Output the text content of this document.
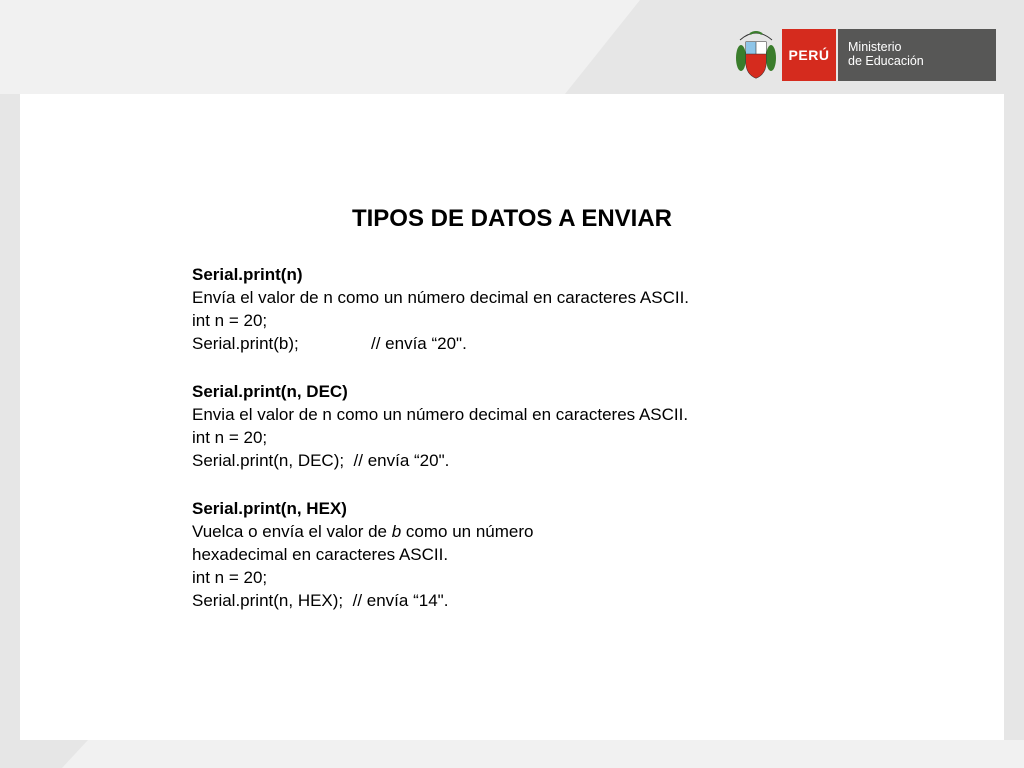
PERÚ	Ministerio
de Educación
TIPOS DE DATOS A ENVIAR
Serial.print(n)
Envía el valor de n como un número decimal en caracteres ASCII.
int n = 20;
Serial.print(b);	// envía “20".
Serial.print(n, DEC)
Envia el valor de n como un número decimal en caracteres ASCII.
int n = 20;
Serial.print(n, DEC);  // envía “20".
Serial.print(n, HEX)
Vuelca o envía el valor de b como un número
hexadecimal en caracteres ASCII.
int n = 20;
Serial.print(n, HEX);  // envía “14".
